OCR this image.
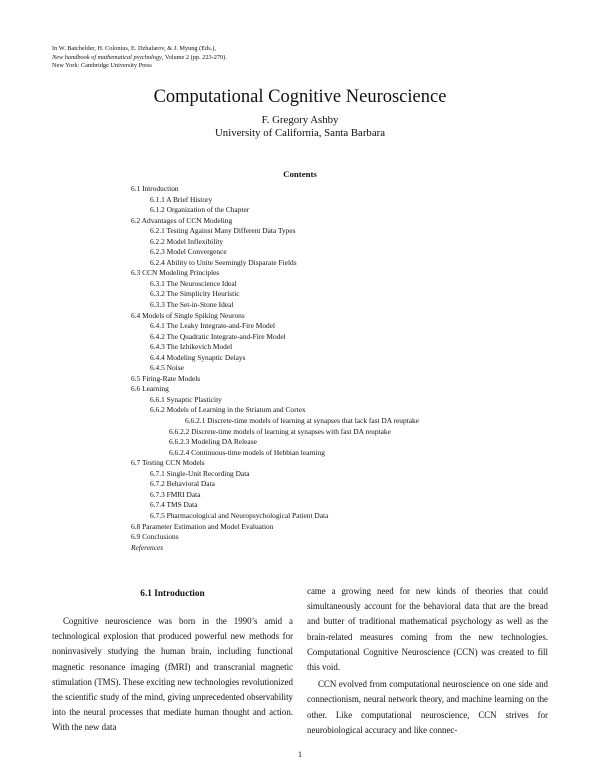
In W. Batchelder, H. Colonius, E. Dzhafarov, & J. Myung (Eds.),
New handbook of mathematical psychology, Volume 2 (pp. 223-270).
New York: Cambridge University Press
Computational Cognitive Neuroscience
F. Gregory Ashby
University of California, Santa Barbara
Contents
6.1 Introduction
6.1.1 A Brief History
6.1.2 Organization of the Chapter
6.2 Advantages of CCN Modeling
6.2.1 Testing Against Many Different Data Types
6.2.2 Model Inflexibility
6.2.3 Model Convergence
6.2.4 Ability to Unite Seemingly Disparate Fields
6.3 CCN Modeling Principles
6.3.1 The Neuroscience Ideal
6.3.2 The Simplicity Heuristic
6.3.3 The Set-in-Stone Ideal
6.4 Models of Single Spiking Neurons
6.4.1 The Leaky Integrate-and-Fire Model
6.4.2 The Quadratic Integrate-and-Fire Model
6.4.3 The Izhikevich Model
6.4.4 Modeling Synaptic Delays
6.4.5 Noise
6.5 Firing-Rate Models
6.6 Learning
6.6.1 Synaptic Plasticity
6.6.2 Models of Learning in the Striatum and Cortex
6.6.2.1 Discrete-time models of learning at synapses that lack fast DA reuptake
6.6.2.2 Discrete-time models of learning at synapses with fast DA reuptake
6.6.2.3 Modeling DA Release
6.6.2.4 Continuous-time models of Hebbian learning
6.7 Testing CCN Models
6.7.1 Single-Unit Recording Data
6.7.2 Behavioral Data
6.7.3 FMRI Data
6.7.4 TMS Data
6.7.5 Pharmacological and Neuropsychological Patient Data
6.8 Parameter Estimation and Model Evaluation
6.9 Conclusions
References
6.1 Introduction

Cognitive neuroscience was born in the 1990’s amid a technological explosion that produced powerful new methods for noninvasively studying the human brain, including functional magnetic resonance imaging (fMRI) and transcranial magnetic stimulation (TMS). These exciting new technologies revolutionized the scientific study of the mind, giving unprecedented observability into the neural processes that mediate human thought and action. With the new data

came a growing need for new kinds of theories that could simultaneously account for the behavioral data that are the bread and butter of traditional mathematical psychology as well as the brain-related measures coming from the new technologies. Computational Cognitive Neuroscience (CCN) was created to fill this void.

CCN evolved from computational neuroscience on one side and connectionism, neural network theory, and machine learning on the other. Like computational neuroscience, CCN strives for neurobiological accuracy and like connec-

1
